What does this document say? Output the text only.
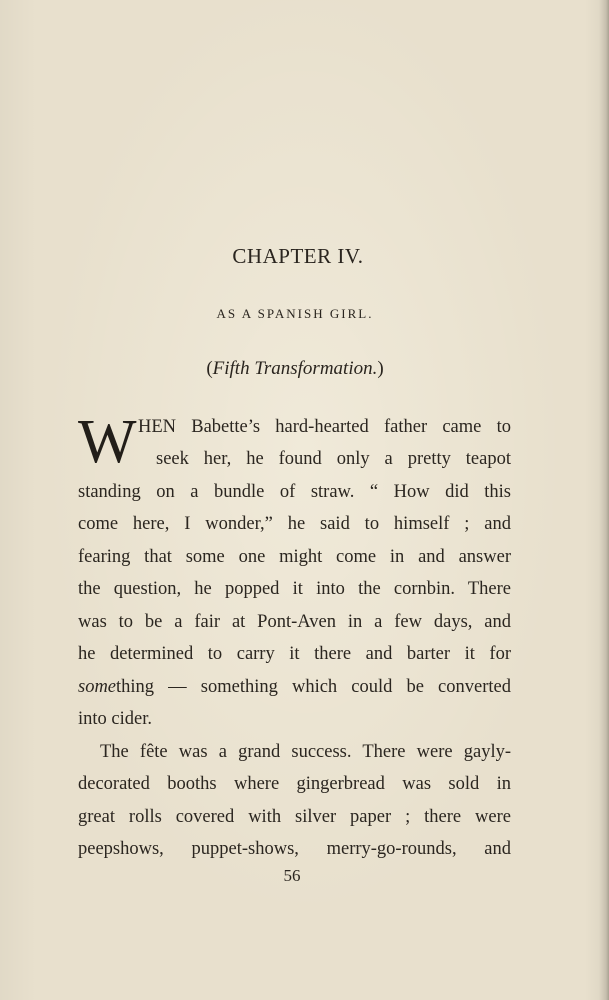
CHAPTER IV.
AS A SPANISH GIRL.
(Fifth Transformation.)
W HEN Babette’s hard-hearted father came to
seek her, he found only a pretty teapot
standing on a bundle of straw. “ How did this
come here, I wonder,” he said to himself ; and
fearing that some one might come in and answer
the question, he popped it into the cornbin. There
was to be a fair at Pont-Aven in a few days, and
he determined to carry it there and barter it for
something — something which could be converted
into cider.
The fête was a grand success. There were gayly-
decorated booths where gingerbread was sold in
great rolls covered with silver paper ; there were
peepshows, puppet-shows, merry-go-rounds, and
56
